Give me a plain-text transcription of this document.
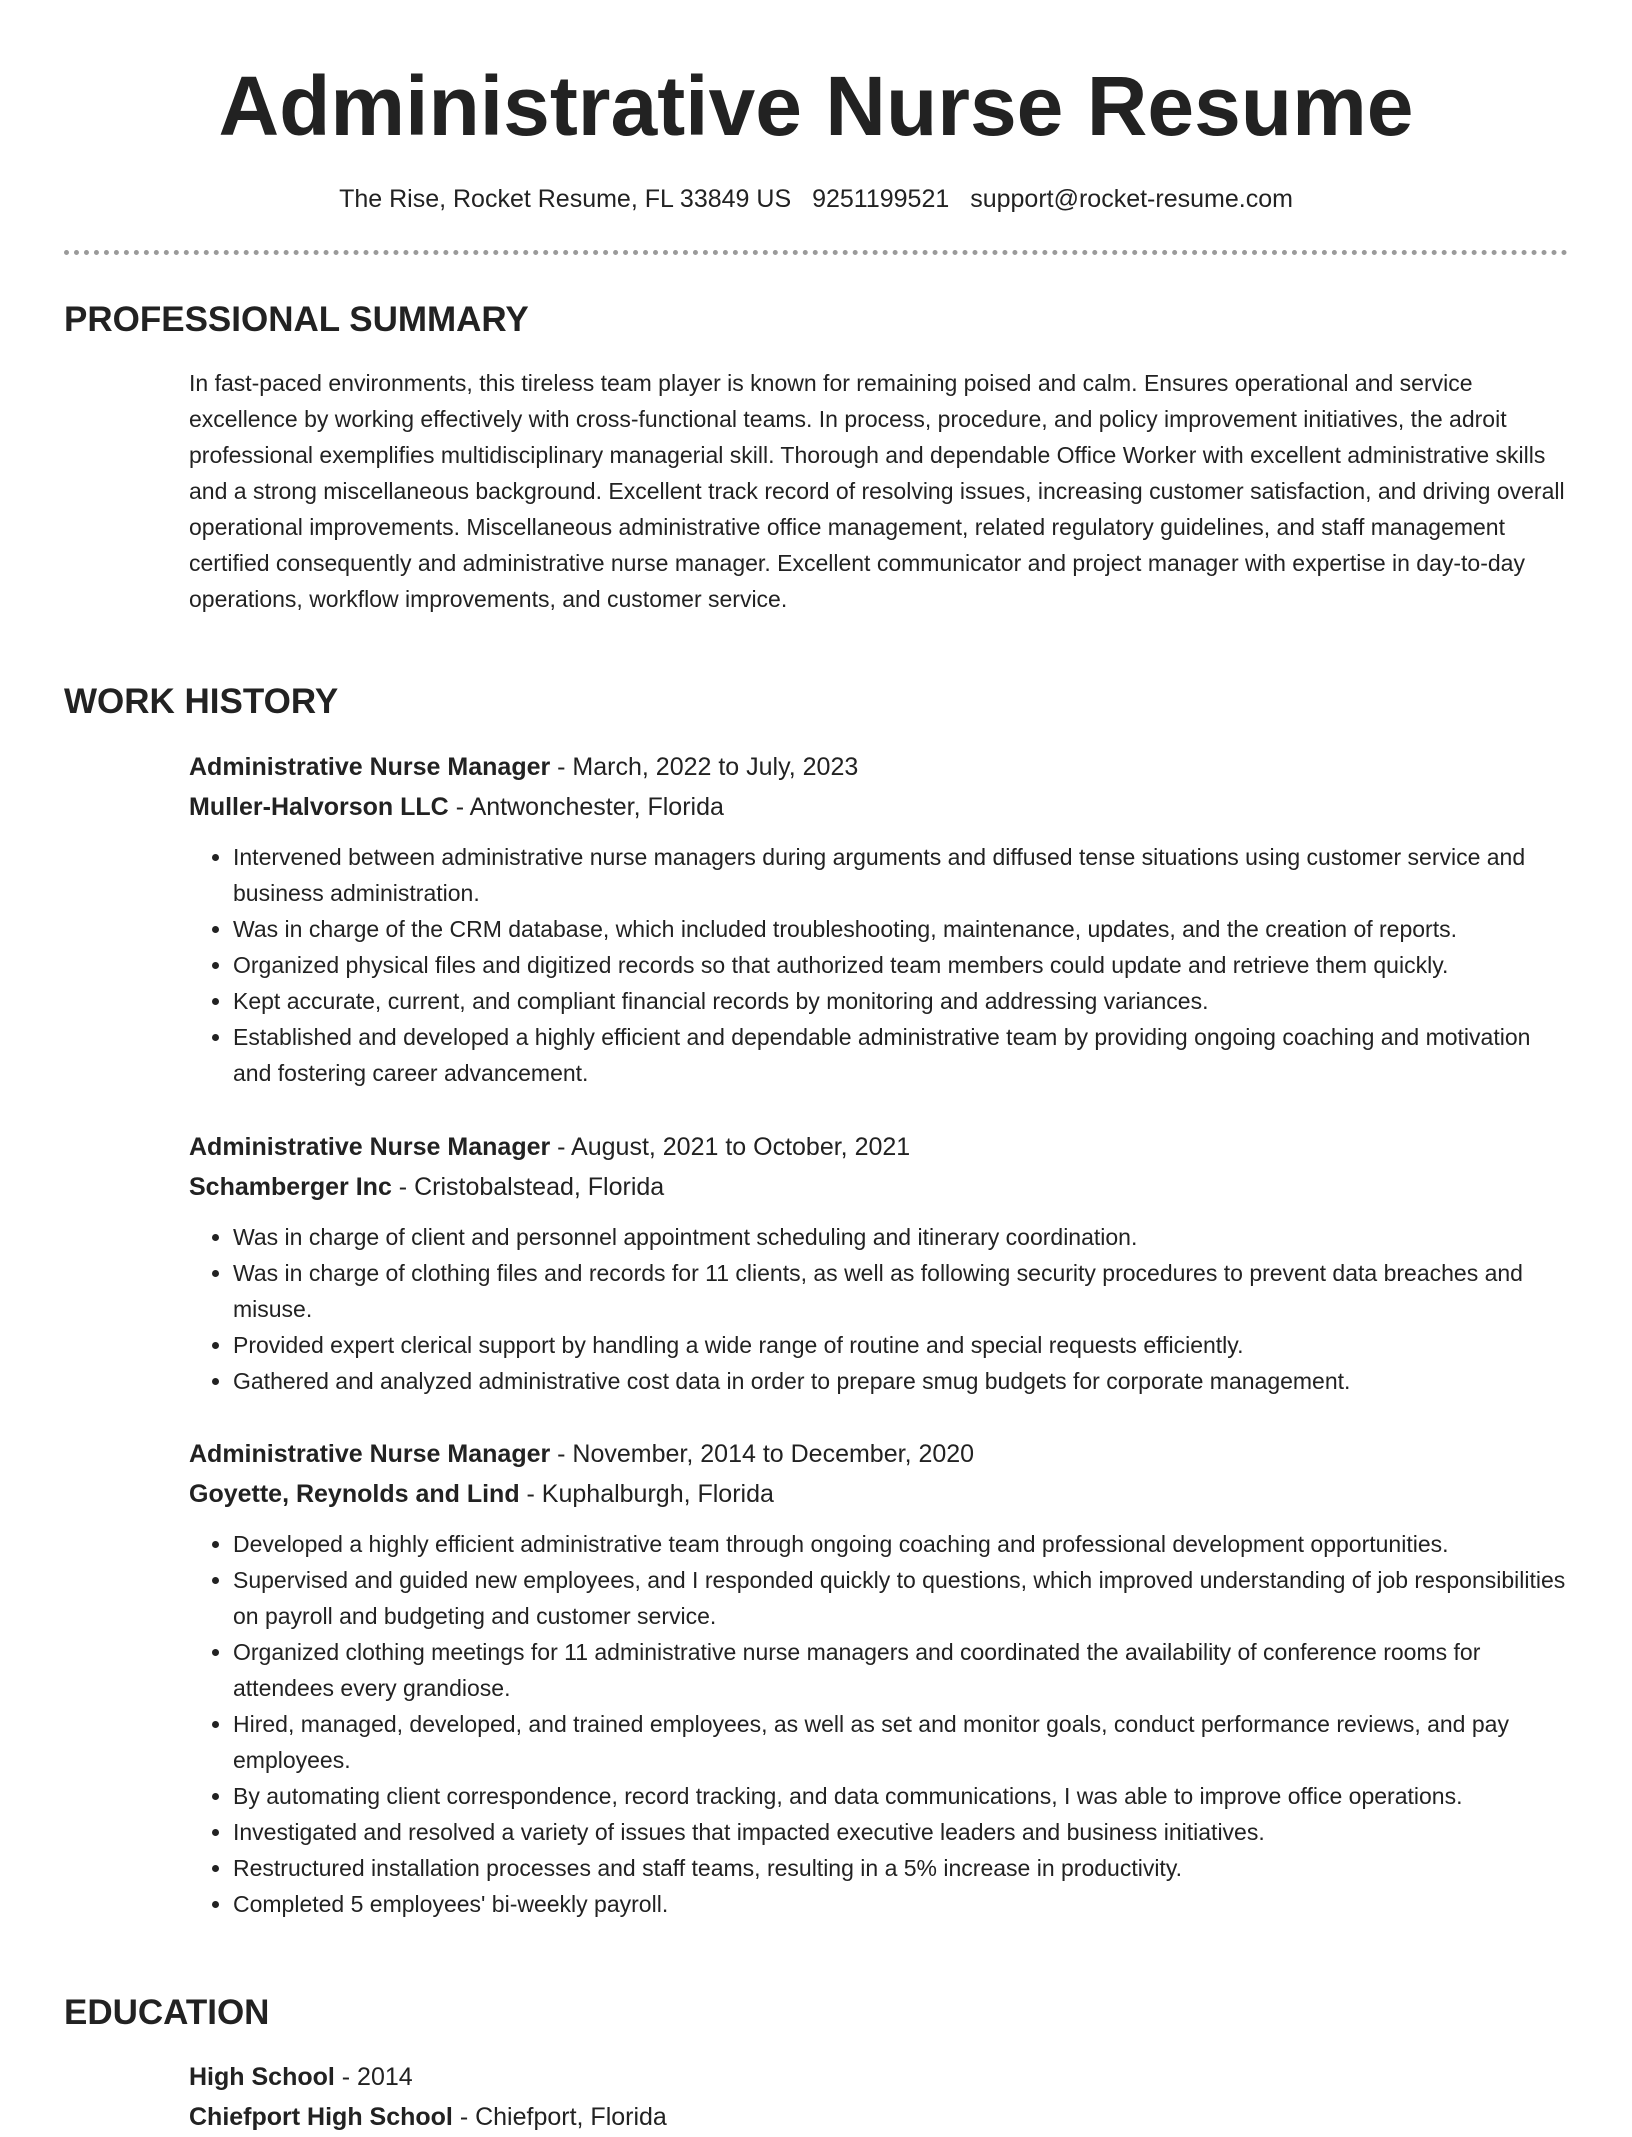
Administrative Nurse Resume
The Rise, Rocket Resume, FL 33849 US 9251199521 support@rocket-resume.com
PROFESSIONAL SUMMARY

In fast-paced environments, this tireless team player is known for remaining poised and calm. Ensures operational and service excellence by working effectively with cross-functional teams. In process, procedure, and policy improvement initiatives, the adroit professional exemplifies multidisciplinary managerial skill. Thorough and dependable Office Worker with excellent administrative skills and a strong miscellaneous background. Excellent track record of resolving issues, increasing customer satisfaction, and driving overall operational improvements. Miscellaneous administrative office management, related regulatory guidelines, and staff management certified consequently and administrative nurse manager. Excellent communicator and project manager with expertise in day-to-day operations, workflow improvements, and customer service.

WORK HISTORY
Administrative Nurse Manager - March, 2022 to July, 2023
Muller-Halvorson LLC - Antwonchester, Florida
• Intervened between administrative nurse managers during arguments and diffused tense situations using customer service and business administration.
• Was in charge of the CRM database, which included troubleshooting, maintenance, updates, and the creation of reports.
• Organized physical files and digitized records so that authorized team members could update and retrieve them quickly.
• Kept accurate, current, and compliant financial records by monitoring and addressing variances.
• Established and developed a highly efficient and dependable administrative team by providing ongoing coaching and motivation and fostering career advancement.
Administrative Nurse Manager - August, 2021 to October, 2021
Schamberger Inc - Cristobalstead, Florida
• Was in charge of client and personnel appointment scheduling and itinerary coordination.
• Was in charge of clothing files and records for 11 clients, as well as following security procedures to prevent data breaches and misuse.
• Provided expert clerical support by handling a wide range of routine and special requests efficiently.
• Gathered and analyzed administrative cost data in order to prepare smug budgets for corporate management.
Administrative Nurse Manager - November, 2014 to December, 2020
Goyette, Reynolds and Lind - Kuphalburgh, Florida
• Developed a highly efficient administrative team through ongoing coaching and professional development opportunities.
• Supervised and guided new employees, and I responded quickly to questions, which improved understanding of job responsibilities on payroll and budgeting and customer service.
• Organized clothing meetings for 11 administrative nurse managers and coordinated the availability of conference rooms for attendees every grandiose.
• Hired, managed, developed, and trained employees, as well as set and monitor goals, conduct performance reviews, and pay employees.
• By automating client correspondence, record tracking, and data communications, I was able to improve office operations.
• Investigated and resolved a variety of issues that impacted executive leaders and business initiatives.
• Restructured installation processes and staff teams, resulting in a 5% increase in productivity.
• Completed 5 employees' bi-weekly payroll.
EDUCATION
High School - 2014
Chiefport High School - Chiefport, Florida
